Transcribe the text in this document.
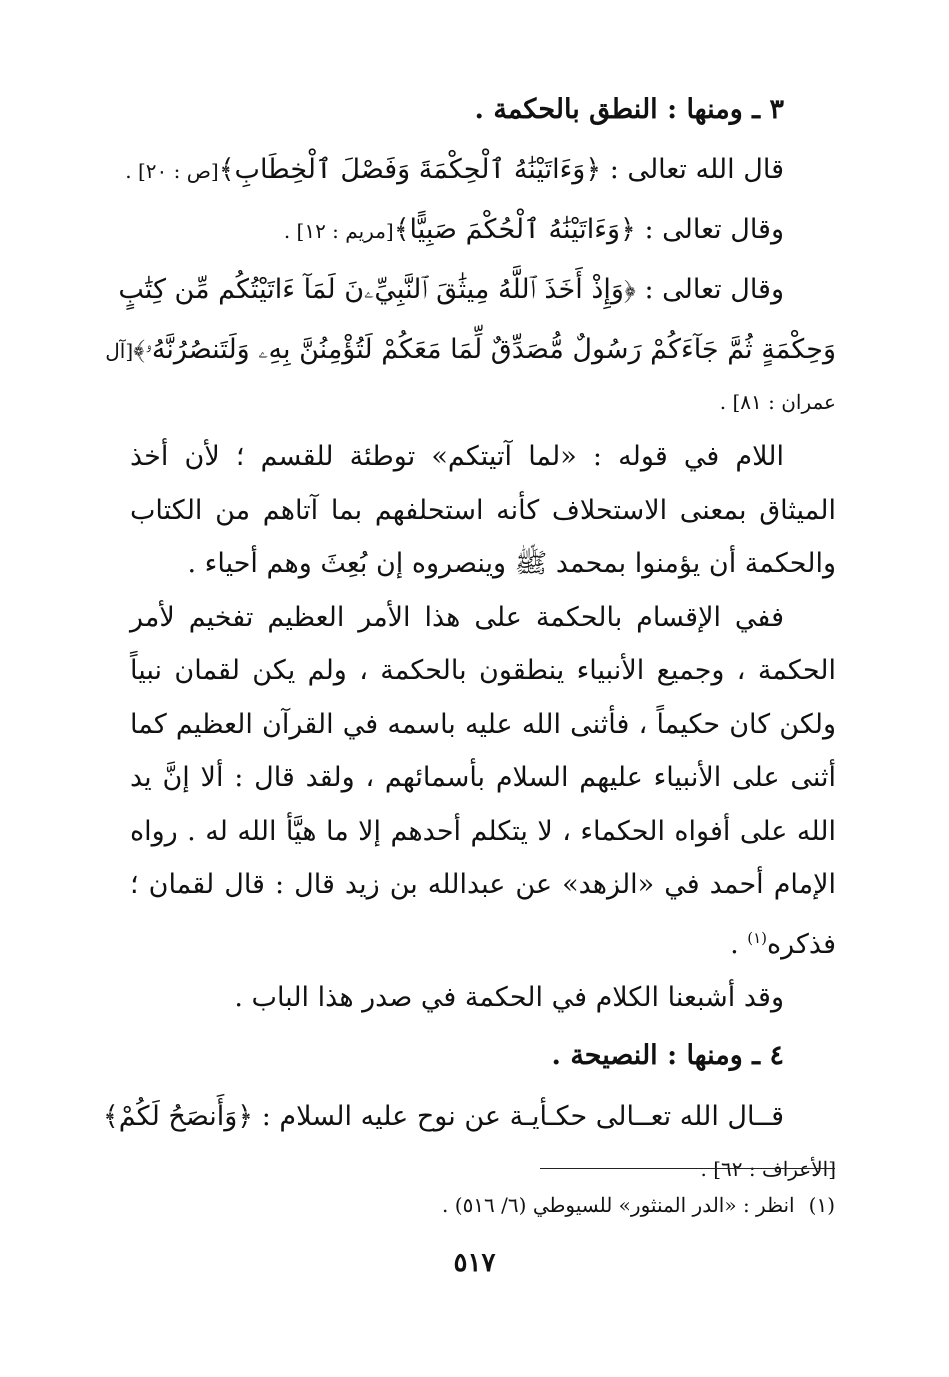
٣ ـ ومنها : النطق بالحكمة .
قال الله تعالى : ﴿وَءَاتَيْنَٰهُ ٱلْحِكْمَةَ وَفَصْلَ ٱلْخِطَابِ﴾[ص : ٢٠] .
وقال تعالى : ﴿وَءَاتَيْنَٰهُ ٱلْحُكْمَ صَبِيًّا﴾[مريم : ١٢] .
وقال تعالى : ﴿وَإِذْ أَخَذَ ٱللَّهُ مِيثَٰقَ ٱلنَّبِيِّۦنَ لَمَآ ءَاتَيْتُكُم مِّن كِتَٰبٍ
وَحِكْمَةٍ ثُمَّ جَآءَكُمْ رَسُولٌ مُّصَدِّقٌ لِّمَا مَعَكُمْ لَتُؤْمِنُنَّ بِهِۦ وَلَتَنصُرُنَّهُۥ﴾[آل
عمران : ٨١] .
اللام في قوله : «لما آتيتكم» توطئة للقسم ؛ لأن أخذ الميثاق بمعنى الاستحلاف كأنه استحلفهم بما آتاهم من الكتاب والحكمة أن يؤمنوا بمحمد ﷺ وينصروه إن بُعِثَ وهم أحياء .
ففي الإقسام بالحكمة على هذا الأمر العظيم تفخيم لأمر الحكمة ، وجميع الأنبياء ينطقون بالحكمة ، ولم يكن لقمان نبياً ولكن كان حكيماً ، فأثنى الله عليه باسمه في القرآن العظيم كما أثنى على الأنبياء عليهم السلام بأسمائهم ، ولقد قال : ألا إنَّ يد الله على أفواه الحكماء ، لا يتكلم أحدهم إلا ما هيَّأ الله له . رواه الإمام أحمد في «الزهد» عن عبدالله بن زيد قال : قال لقمان ؛ فذكره$^{(١)}$ .
وقد أشبعنا الكلام في الحكمة في صدر هذا الباب .
٤ ـ ومنها : النصيحة .
قــال الله تعــالى حكـأيـة عن نوح عليه السلام : ﴿وَأَنصَحُ لَكُمْ﴾
[الأعراف : ٦٢] .
(١)انظر : «الدر المنثور» للسيوطي (٦/ ٥١٦) .
٥١٧
